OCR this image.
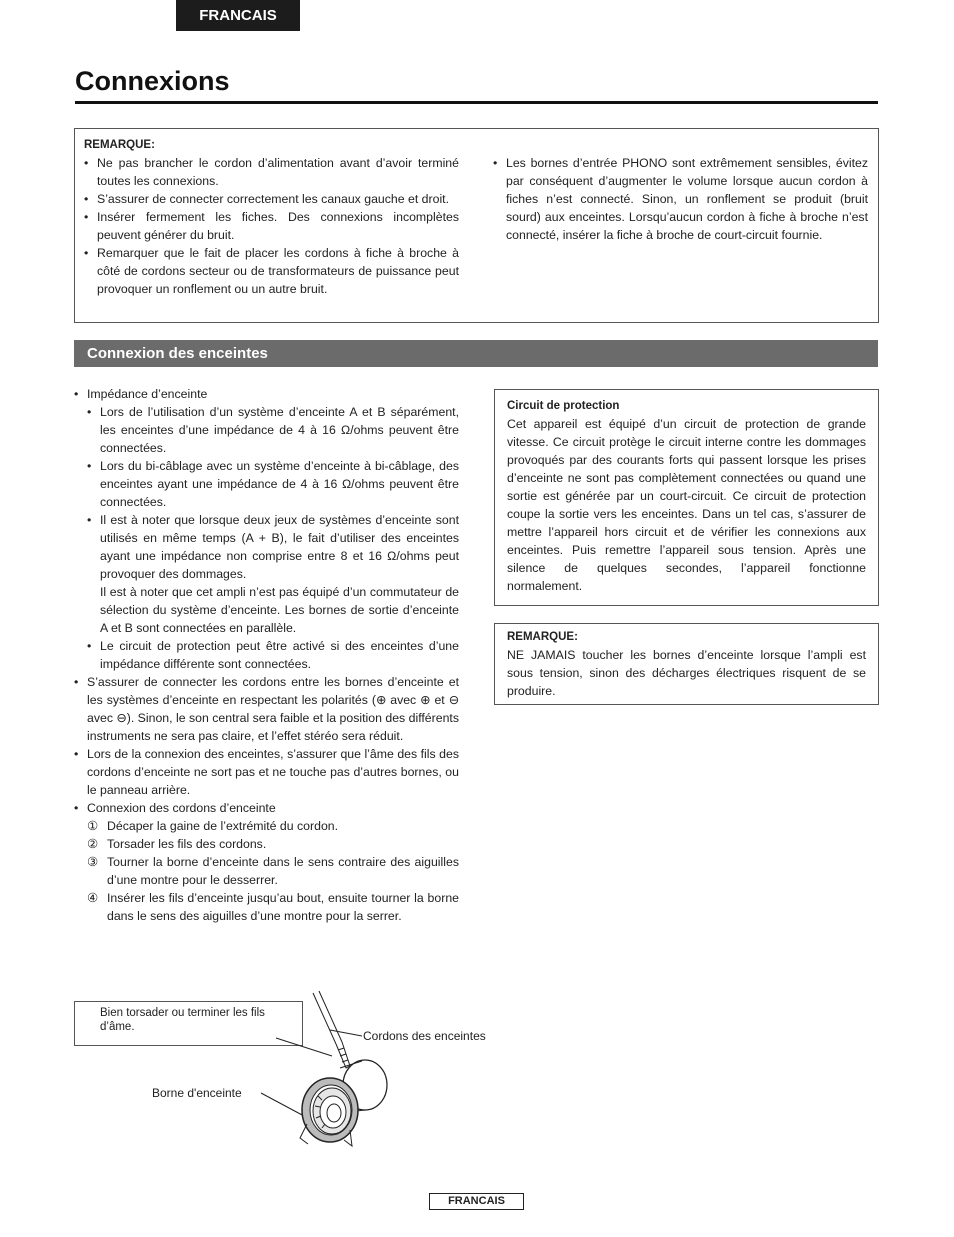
FRANCAIS
Connexions

REMARQUE:

• Ne pas brancher le cordon d’alimentation avant d’avoir terminé toutes les connexions.
• S’assurer de connecter correctement les canaux gauche et droit.
• Insérer fermement les fiches. Des connexions incomplètes peuvent générer du bruit.
• Remarquer que le fait de placer les cordons à fiche à broche à côté de cordons secteur ou de transformateurs de puissance peut provoquer un ronflement ou un autre bruit.
• Les bornes d’entrée PHONO sont extrêmement sensibles, évitez par conséquent d’augmenter le volume lorsque aucun cordon à fiches n’est connecté. Sinon, un ronflement se produit (bruit sourd) aux enceintes. Lorsqu’aucun cordon à fiche à broche n’est connecté, insérer la fiche à broche de court-circuit fournie.
Connexion des enceintes
• Impédance d’enceinte
• Lors de l’utilisation d’un système d’enceinte A et B séparément, les enceintes d’une impédance de 4 à 16 Ω/ohms peuvent être connectées.
• Lors du bi-câblage avec un système d’enceinte à bi-câblage, des enceintes ayant une impédance de 4 à 16 Ω/ohms peuvent être connectées.
• Il est à noter que lorsque deux jeux de systèmes d’enceinte sont utilisés en même temps (A + B), le fait d’utiliser des enceintes ayant une impédance non comprise entre 8 et 16 Ω/ohms peut provoquer des dommages.
Il est à noter que cet ampli n’est pas équipé d’un commutateur de sélection du système d’enceinte. Les bornes de sortie d’enceinte A et B sont connectées en parallèle.
• Le circuit de protection peut être activé si des enceintes d’une impédance différente sont connectées.
• S’assurer de connecter les cordons entre les bornes d’enceinte et les systèmes d’enceinte en respectant les polarités (⊕ avec ⊕ et ⊖ avec ⊖). Sinon, le son central sera faible et la position des différents instruments ne sera pas claire, et l’effet stéréo sera réduit.
• Lors de la connexion des enceintes, s’assurer que l’âme des fils des cordons d’enceinte ne sort pas et ne touche pas d’autres bornes, ou le panneau arrière.
• Connexion des cordons d’enceinte
① Décaper la gaine de l’extrémité du cordon.
② Torsader les fils des cordons.
③ Tourner la borne d’enceinte dans le sens contraire des aiguilles d’une montre pour le desserrer.
④ Insérer les fils d’enceinte jusqu’au bout, ensuite tourner la borne dans le sens des aiguilles d’une montre pour la serrer.

Circuit de protection

Cet appareil est équipé d’un circuit de protection de grande vitesse. Ce circuit protège le circuit interne contre les dommages provoqués par des courants forts qui passent lorsque les prises d’enceinte ne sont pas complètement connectées ou quand une sortie est générée par un court-circuit. Ce circuit de protection coupe la sortie vers les enceintes. Dans un tel cas, s’assurer de mettre l’appareil hors circuit et de vérifier les connexions aux enceintes. Puis remettre l’appareil sous tension. Après une silence de quelques secondes, l’appareil fonctionne normalement.

REMARQUE:

NE JAMAIS toucher les bornes d’enceinte lorsque l’ampli est sous tension, sinon des décharges électriques risquent de se produire.

Bien torsader ou terminer les fils d’âme.
Cordons des enceintes
Borne d'enceinte
FRANCAIS
